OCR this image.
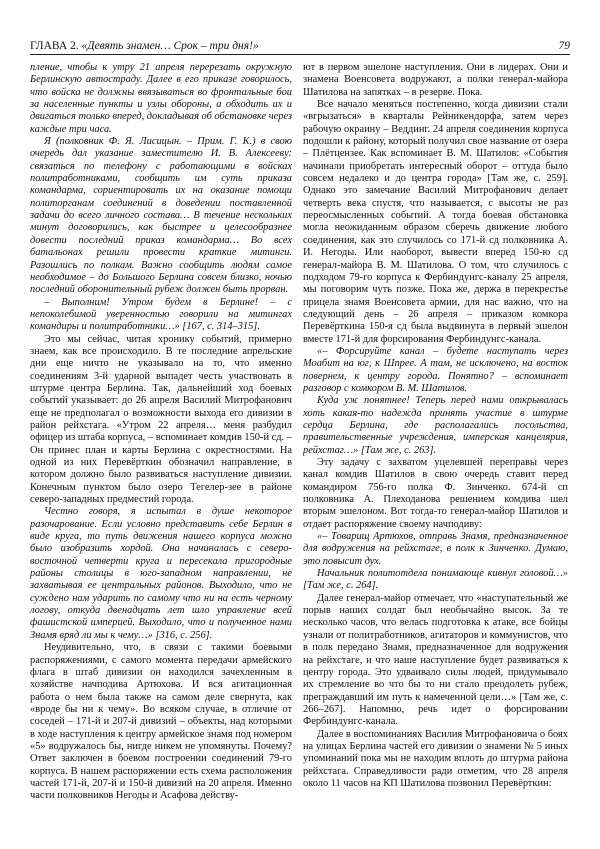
ГЛАВА 2. «Девять знамен… Срок – три дня!»	79

пление, чтобы к утру 21 апреля перерезать окружную Берлинскую автостраду. Далее в его приказе говорилось, что войска не должны ввязываться во фронтальные бои за населенные пункты и узлы обороны, а обходить их и двигаться только вперед, докладывая об обстановке через каждые три часа.

Я (полковник Ф. Я. Лисицын. – Прим. Г. К.) в свою очередь дал указание заместителю И. В. Алексееву: связаться по телефону с работающими в войсках политработниками, сообщить им суть приказа командарма, сориентировать их на оказание помощи политорганам соединений в доведении поставленной задачи до всего личного состава… В течение нескольких минут договорились, как быстрее и целесообразнее довести последний приказ командарма… Во всех батальонах решили провести краткие митинги. Разошлись по полкам. Важно сообщить людям самое необходимое – до Большого Берлина совсем близко, ночью последний оборонительный рубеж должен быть прорван.

– Выполним! Утром будем в Берлине! – с непоколебимой уверенностью говорили на митингах командиры и политработники…» [167, с. 314–315].

Это мы сейчас, читая хронику событий, примерно знаем, как все происходило. В те последние апрельские дни еще ничто не указывало на то, что именно соединениям 3-й ударной выпадет честь участвовать в штурме центра Берлина. Так, дальнейший ход боевых событий указывает: до 26 апреля Василий Митрофанович еще не предполагал о возможности выхода его дивизии в район рейхстага. «Утром 22 апреля… меня разбудил офицер из штаба корпуса, – вспоминает комдив 150-й сд. – Он принес план и карты Берлина с окрестностями. На одной из них Перевёрткин обозначил направление, в котором должно было развиваться наступление дивизии. Конечным пунктом было озеро Тегелер-зее в районе северо-западных предместий города.

Честно говоря, я испытал в душе некоторое разочарование. Если условно представить себе Берлин в виде круга, то путь движения нашего корпуса можно было изобразить хордой. Она начиналась с северо-восточной четверти круга и пересекала пригородные районы столицы в юго-западном направлении, не захватывая ее центральных районов. Выходило, что не суждено нам ударить по самому что ни на есть черному логову, откуда двенадцать лет шло управление всей фашистской империей. Выходило, что и полученное нами Знамя вряд ли мы к чему…» [316, с. 256].

Неудивительно, что, в связи с такими боевыми распоряжениями, с самого момента передачи армейского флага в штаб дивизии он находился зачехленным в хозяйстве начподива Артюхова. И вся агитационная работа о нем была также на самом деле свернута, как «вроде бы ни к чему». Во всяком случае, в отличие от соседей – 171-й и 207-й дивизий – объекты, над которыми в ходе наступления к центру армейское знамя под номером «5» водружалось бы, нигде никем не упомянуты. Почему? Ответ заключен в боевом построении соединений 79-го корпуса. В нашем распоряжении есть схема расположения частей 171-й, 207-й и 150-й дивизий на 20 апреля. Именно части полковников Негоды и Асафова действу-

ют в первом эшелоне наступления. Они в лидерах. Они и знамена Военсовета водружают, а полки генерал-майора Шатилова на запятках – в резерве. Пока.

Все начало меняться постепенно, когда дивизии стали «вгрызаться» в кварталы Рейникендорфа, затем через рабочую окраину – Веддинг. 24 апреля соединения корпуса подошли к району, который получил свое название от озера – Плётцензее. Как вспоминает В. М. Шатилов: «События начинали приобретать интересный оборот – оттуда было совсем недалеко и до центра города» [Там же, с. 259]. Однако это замечание Василий Митрофанович делает четверть века спустя, что называется, с высоты не раз переосмысленных событий. А тогда боевая обстановка могла неожиданным образом сберечь движение любого соединения, как это случилось со 171-й сд полковника А. И. Негоды. Или наоборот, вывести вперед 150-ю сд генерал-майора В. М. Шатилова. О том, что случилось с подходом 79-го корпуса к Фербиндунгс-каналу 25 апреля, мы поговорим чуть позже. Пока же, держа в перекрестье прицела знамя Военсовета армии, для нас важно, что на следующий день – 26 апреля – приказом комкора Перевёрткина 150-я сд была выдвинута в первый эшелон вместе 171-й для форсирования Фербиндунгс-канала.

«– Форсируйте канал – будете наступать через Моабит на юг, к Шпрее. А там, не исключено, на восток повернем, к центру города. Понятно? – вспоминает разговор с комкором В. М. Шатилов.

Куда уж понятнее! Теперь перед нами открывалась хоть какая-то надежда принять участие в штурме сердца Берлина, где располагались посольства, правительственные учреждения, имперская канцелярия, рейхстаг…» [Там же, с. 263].

Эту задачу с захватом уцелевшей переправы через канал комдив Шатилов в свою очередь ставит перед командиром 756-го полка Ф. Зинченко. 674-й сп полковника А. Плеходанова решением комдива шел вторым эшелоном. Вот тогда-то генерал-майор Шатилов и отдает распоряжение своему начподиву:

«– Товарищ Артюхов, отправь Знамя, предназначенное для водружения на рейхстаге, в полк к Зинченко. Думаю, это повысит дух.

Начальник политотдела понимающе кивнул головой…» [Там же, с. 264].

Далее генерал-майор отмечает, что «наступательный же порыв наших солдат был необычайно высок. За те несколько часов, что велась подготовка к атаке, все бойцы узнали от политработников, агитаторов и коммунистов, что в полк передано Знамя, предназначенное для водружения на рейхстаге, и что наше наступление будет развиваться к центру города. Это удваивало силы людей, придумывало их стремление во что бы то ни стало преодолеть рубеж, преграждавший им путь к намеченной цели…» [Там же, с. 266–267]. Напомню, речь идет о форсировании Фербиндунгс-канала.

Далее в воспоминаниях Василия Митрофановича о боях на улицах Берлина частей его дивизии о знамени № 5 иных упоминаний пока мы не находим вплоть до штурма района рейхстага. Справедливости ради отметим, что 28 апреля около 11 часов на КП Шатилова позвонил Перевёрткин:
